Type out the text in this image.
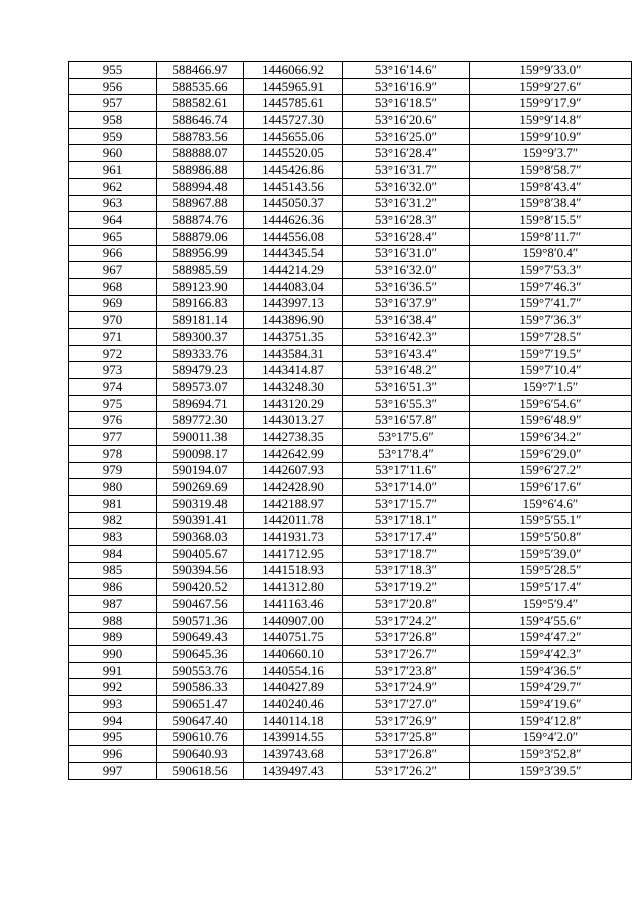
955	588466.97	1446066.92	53°16′14.6″	159°9′33.0″
956	588535.66	1445965.91	53°16′16.9″	159°9′27.6″
957	588582.61	1445785.61	53°16′18.5″	159°9′17.9″
958	588646.74	1445727.30	53°16′20.6″	159°9′14.8″
959	588783.56	1445655.06	53°16′25.0″	159°9′10.9″
960	588888.07	1445520.05	53°16′28.4″	159°9′3.7″
961	588986.88	1445426.86	53°16′31.7″	159°8′58.7″
962	588994.48	1445143.56	53°16′32.0″	159°8′43.4″
963	588967.88	1445050.37	53°16′31.2″	159°8′38.4″
964	588874.76	1444626.36	53°16′28.3″	159°8′15.5″
965	588879.06	1444556.08	53°16′28.4″	159°8′11.7″
966	588956.99	1444345.54	53°16′31.0″	159°8′0.4″
967	588985.59	1444214.29	53°16′32.0″	159°7′53.3″
968	589123.90	1444083.04	53°16′36.5″	159°7′46.3″
969	589166.83	1443997.13	53°16′37.9″	159°7′41.7″
970	589181.14	1443896.90	53°16′38.4″	159°7′36.3″
971	589300.37	1443751.35	53°16′42.3″	159°7′28.5″
972	589333.76	1443584.31	53°16′43.4″	159°7′19.5″
973	589479.23	1443414.87	53°16′48.2″	159°7′10.4″
974	589573.07	1443248.30	53°16′51.3″	159°7′1.5″
975	589694.71	1443120.29	53°16′55.3″	159°6′54.6″
976	589772.30	1443013.27	53°16′57.8″	159°6′48.9″
977	590011.38	1442738.35	53°17′5.6″	159°6′34.2″
978	590098.17	1442642.99	53°17′8.4″	159°6′29.0″
979	590194.07	1442607.93	53°17′11.6″	159°6′27.2″
980	590269.69	1442428.90	53°17′14.0″	159°6′17.6″
981	590319.48	1442188.97	53°17′15.7″	159°6′4.6″
982	590391.41	1442011.78	53°17′18.1″	159°5′55.1″
983	590368.03	1441931.73	53°17′17.4″	159°5′50.8″
984	590405.67	1441712.95	53°17′18.7″	159°5′39.0″
985	590394.56	1441518.93	53°17′18.3″	159°5′28.5″
986	590420.52	1441312.80	53°17′19.2″	159°5′17.4″
987	590467.56	1441163.46	53°17′20.8″	159°5′9.4″
988	590571.36	1440907.00	53°17′24.2″	159°4′55.6″
989	590649.43	1440751.75	53°17′26.8″	159°4′47.2″
990	590645.36	1440660.10	53°17′26.7″	159°4′42.3″
991	590553.76	1440554.16	53°17′23.8″	159°4′36.5″
992	590586.33	1440427.89	53°17′24.9″	159°4′29.7″
993	590651.47	1440240.46	53°17′27.0″	159°4′19.6″
994	590647.40	1440114.18	53°17′26.9″	159°4′12.8″
995	590610.76	1439914.55	53°17′25.8″	159°4′2.0″
996	590640.93	1439743.68	53°17′26.8″	159°3′52.8″
997	590618.56	1439497.43	53°17′26.2″	159°3′39.5″
